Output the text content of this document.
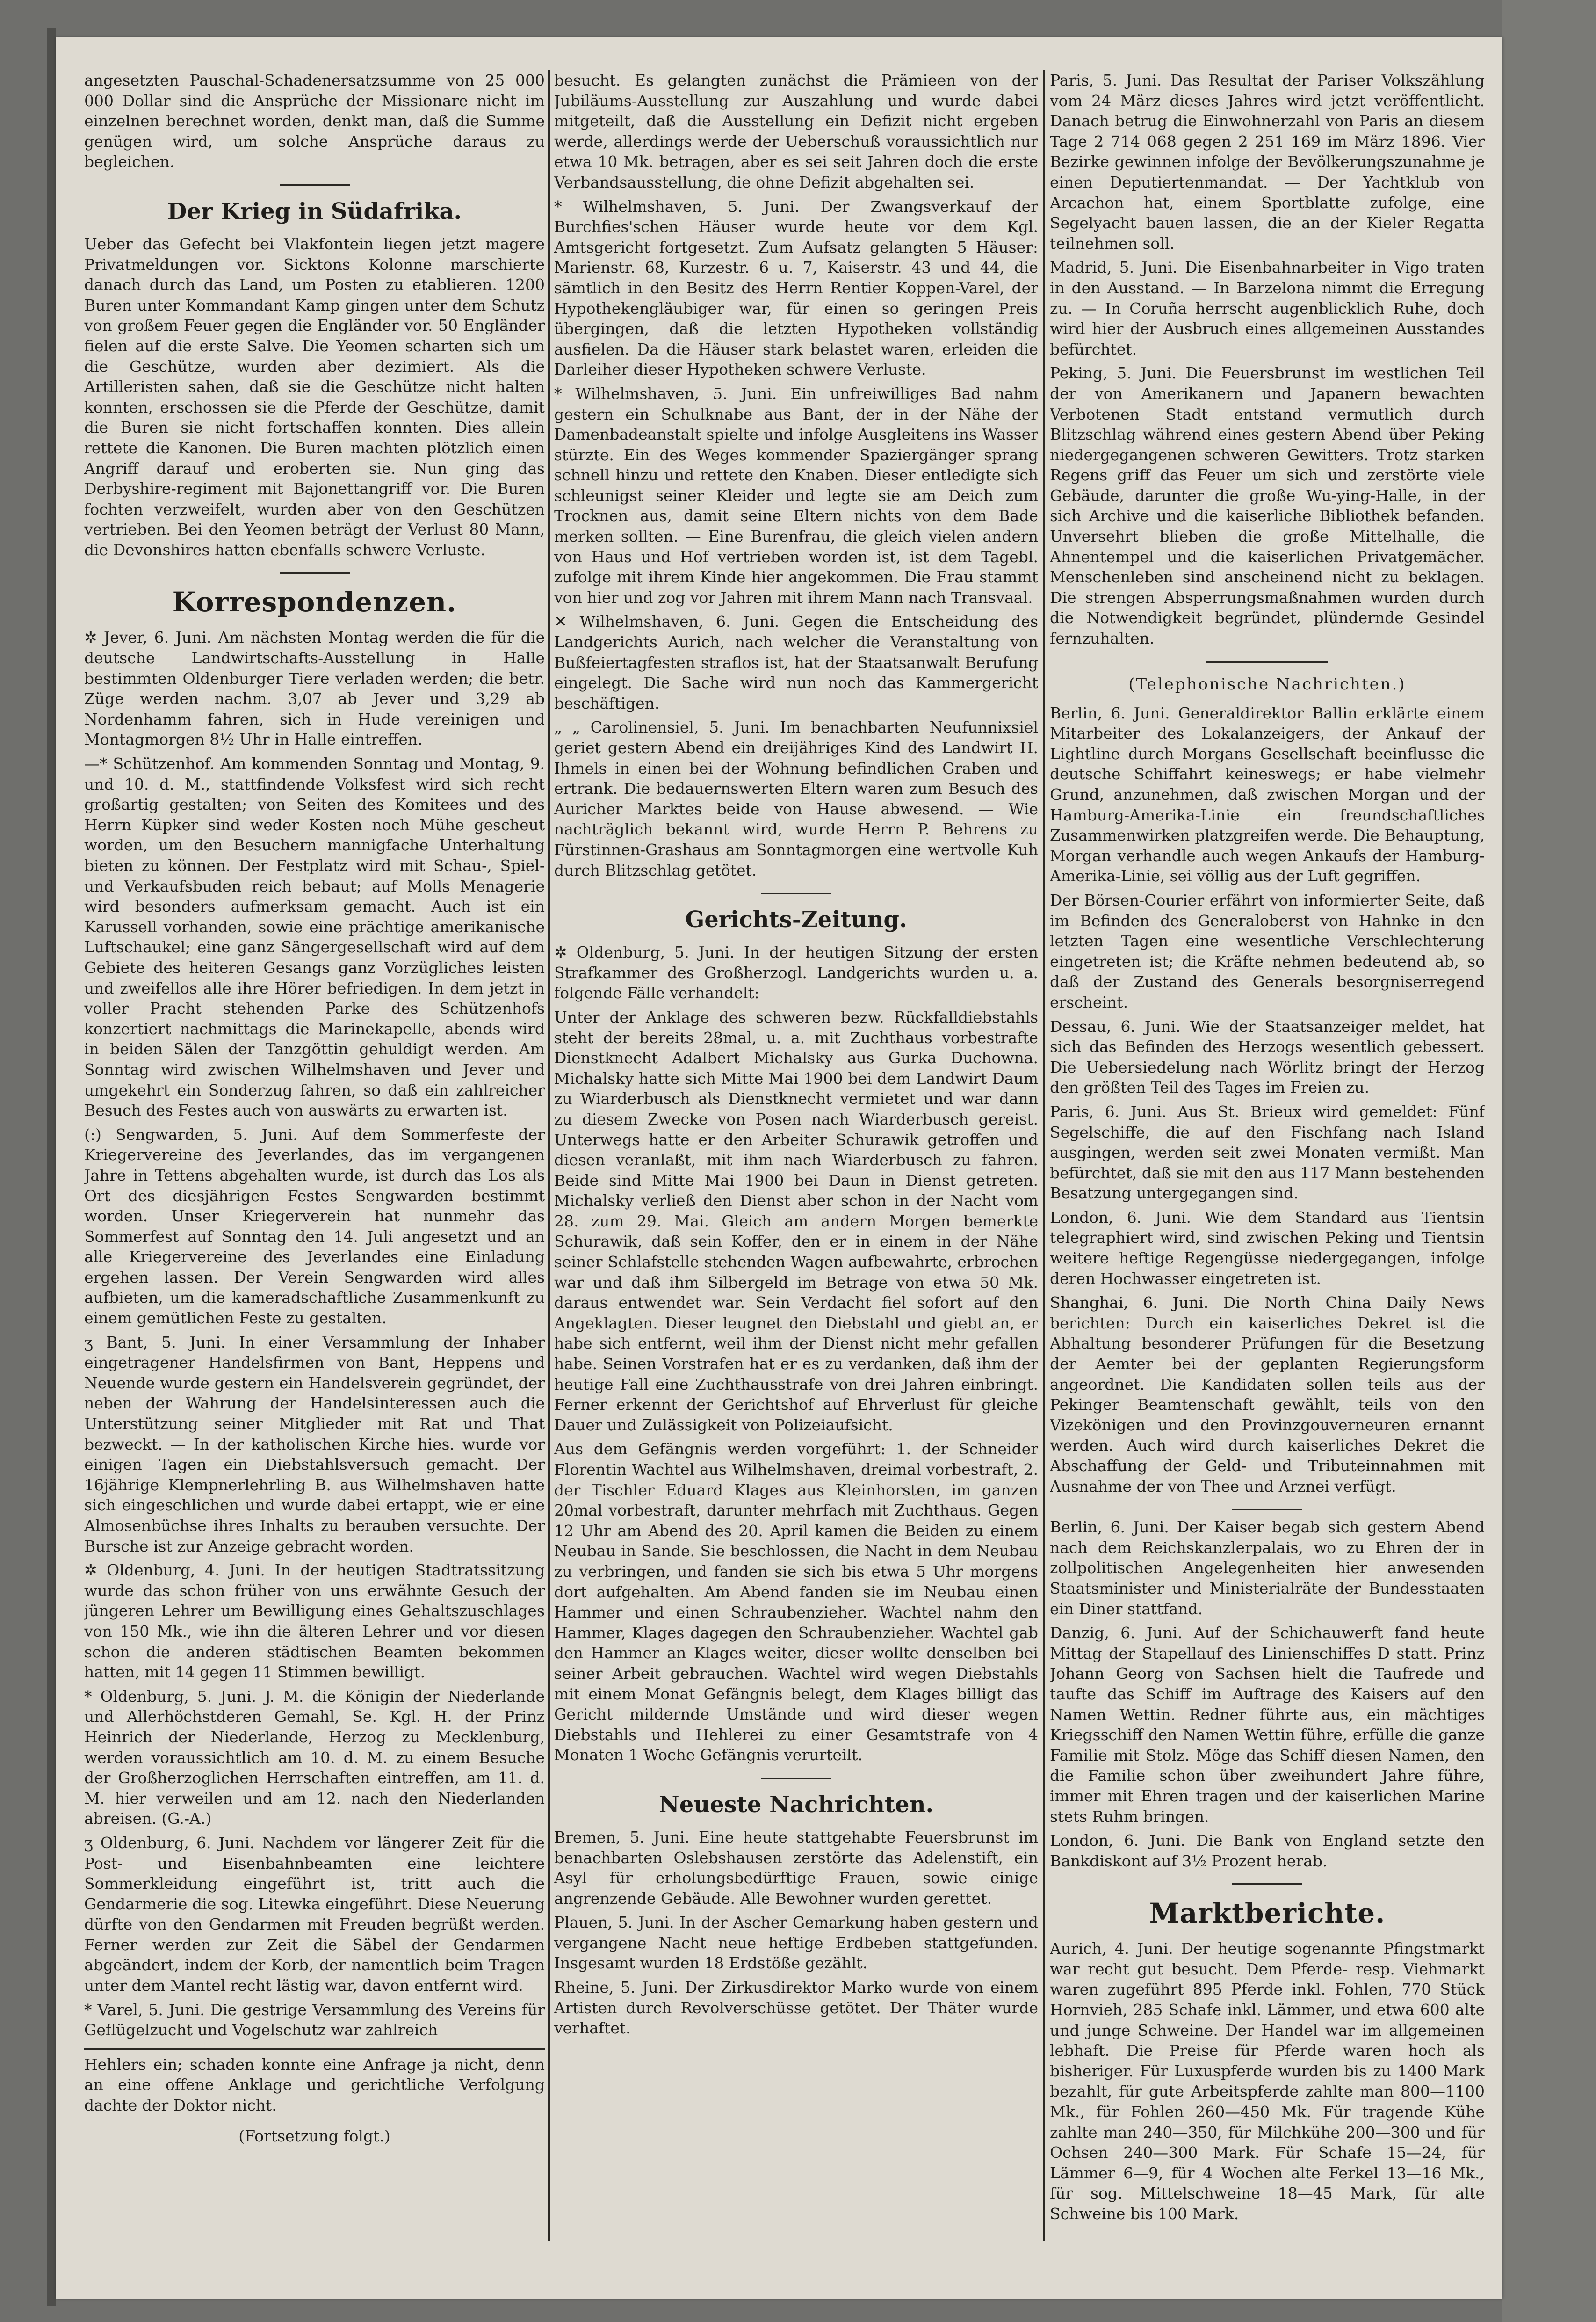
angesetzten Pauschal-Schadenersatzsumme von 25 000 000 Dollar sind die Ansprüche der Missionare nicht im einzelnen berechnet worden, denkt man, daß die Summe genügen wird, um solche Ansprüche daraus zu begleichen.

Der Krieg in Südafrika.

Ueber das Gefecht bei Vlakfontein liegen jetzt magere Privatmeldungen vor. Sicktons Kolonne marschierte danach durch das Land, um Posten zu etablieren. 1200 Buren unter Kommandant Kamp gingen unter dem Schutz von großem Feuer gegen die Engländer vor. 50 Engländer fielen auf die erste Salve. Die Yeomen scharten sich um die Geschütze, wurden aber dezimiert. Als die Artilleristen sahen, daß sie die Geschütze nicht halten konnten, erschossen sie die Pferde der Geschütze, damit die Buren sie nicht fortschaffen konnten. Dies allein rettete die Kanonen. Die Buren machten plötzlich einen Angriff darauf und eroberten sie. Nun ging das Derbyshire-regiment mit Bajonettangriff vor. Die Buren fochten verzweifelt, wurden aber von den Geschützen vertrieben. Bei den Yeomen beträgt der Verlust 80 Mann, die Devonshires hatten ebenfalls schwere Verluste.

Korrespondenzen.

✲ Jever, 6. Juni. Am nächsten Montag werden die für die deutsche Landwirtschafts-Ausstellung in Halle bestimmten Oldenburger Tiere verladen werden; die betr. Züge werden nachm. 3,07 ab Jever und 3,29 ab Nordenhamm fahren, sich in Hude vereinigen und Montagmorgen 8½ Uhr in Halle eintreffen.

—* Schützenhof. Am kommenden Sonntag und Montag, 9. und 10. d. M., stattfindende Volksfest wird sich recht großartig gestalten; von Seiten des Komitees und des Herrn Küpker sind weder Kosten noch Mühe gescheut worden, um den Besuchern mannigfache Unterhaltung bieten zu können. Der Festplatz wird mit Schau-, Spiel- und Verkaufsbuden reich bebaut; auf Molls Menagerie wird besonders aufmerksam gemacht. Auch ist ein Karussell vorhanden, sowie eine prächtige amerikanische Luftschaukel; eine ganz Sängergesellschaft wird auf dem Gebiete des heiteren Gesangs ganz Vorzügliches leisten und zweifellos alle ihre Hörer befriedigen. In dem jetzt in voller Pracht stehenden Parke des Schützenhofs konzertiert nachmittags die Marinekapelle, abends wird in beiden Sälen der Tanzgöttin gehuldigt werden. Am Sonntag wird zwischen Wilhelmshaven und Jever und umgekehrt ein Sonderzug fahren, so daß ein zahlreicher Besuch des Festes auch von auswärts zu erwarten ist.

(:) Sengwarden, 5. Juni. Auf dem Sommerfeste der Kriegervereine des Jeverlandes, das im vergangenen Jahre in Tettens abgehalten wurde, ist durch das Los als Ort des diesjährigen Festes Sengwarden bestimmt worden. Unser Kriegerverein hat nunmehr das Sommerfest auf Sonntag den 14. Juli angesetzt und an alle Kriegervereine des Jeverlandes eine Einladung ergehen lassen. Der Verein Sengwarden wird alles aufbieten, um die kameradschaftliche Zusammenkunft zu einem gemütlichen Feste zu gestalten.

ʒ Bant, 5. Juni. In einer Versammlung der Inhaber eingetragener Handelsfirmen von Bant, Heppens und Neuende wurde gestern ein Handelsverein gegründet, der neben der Wahrung der Handelsinteressen auch die Unterstützung seiner Mitglieder mit Rat und That bezweckt. — In der katholischen Kirche hies. wurde vor einigen Tagen ein Diebstahlsversuch gemacht. Der 16jährige Klempnerlehrling B. aus Wilhelmshaven hatte sich eingeschlichen und wurde dabei ertappt, wie er eine Almosenbüchse ihres Inhalts zu berauben versuchte. Der Bursche ist zur Anzeige gebracht worden.

✲ Oldenburg, 4. Juni. In der heutigen Stadtratssitzung wurde das schon früher von uns erwähnte Gesuch der jüngeren Lehrer um Bewilligung eines Gehaltszuschlages von 150 Mk., wie ihn die älteren Lehrer und vor diesen schon die anderen städtischen Beamten bekommen hatten, mit 14 gegen 11 Stimmen bewilligt.

* Oldenburg, 5. Juni. J. M. die Königin der Niederlande und Allerhöchstderen Gemahl, Se. Kgl. H. der Prinz Heinrich der Niederlande, Herzog zu Mecklenburg, werden voraussichtlich am 10. d. M. zu einem Besuche der Großherzoglichen Herrschaften eintreffen, am 11. d. M. hier verweilen und am 12. nach den Niederlanden abreisen. (G.-A.)

ʒ Oldenburg, 6. Juni. Nachdem vor längerer Zeit für die Post- und Eisenbahnbeamten eine leichtere Sommerkleidung eingeführt ist, tritt auch die Gendarmerie die sog. Litewka eingeführt. Diese Neuerung dürfte von den Gendarmen mit Freuden begrüßt werden. Ferner werden zur Zeit die Säbel der Gendarmen abgeändert, indem der Korb, der namentlich beim Tragen unter dem Mantel recht lästig war, davon entfernt wird.

* Varel, 5. Juni. Die gestrige Versammlung des Vereins für Geflügelzucht und Vogelschutz war zahlreich

Hehlers ein; schaden konnte eine Anfrage ja nicht, denn an eine offene Anklage und gerichtliche Verfolgung dachte der Doktor nicht.

(Fortsetzung folgt.)

besucht. Es gelangten zunächst die Prämieen von der Jubiläums-Ausstellung zur Auszahlung und wurde dabei mitgeteilt, daß die Ausstellung ein Defizit nicht ergeben werde, allerdings werde der Ueberschuß voraussichtlich nur etwa 10 Mk. betragen, aber es sei seit Jahren doch die erste Verbandsausstellung, die ohne Defizit abgehalten sei.

* Wilhelmshaven, 5. Juni. Der Zwangsverkauf der Burchfies'schen Häuser wurde heute vor dem Kgl. Amtsgericht fortgesetzt. Zum Aufsatz gelangten 5 Häuser: Marienstr. 68, Kurzestr. 6 u. 7, Kaiserstr. 43 und 44, die sämtlich in den Besitz des Herrn Rentier Koppen-Varel, der Hypothekengläubiger war, für einen so geringen Preis übergingen, daß die letzten Hypotheken vollständig ausfielen. Da die Häuser stark belastet waren, erleiden die Darleiher dieser Hypotheken schwere Verluste.

* Wilhelmshaven, 5. Juni. Ein unfreiwilliges Bad nahm gestern ein Schulknabe aus Bant, der in der Nähe der Damenbadeanstalt spielte und infolge Ausgleitens ins Wasser stürzte. Ein des Weges kommender Spaziergänger sprang schnell hinzu und rettete den Knaben. Dieser entledigte sich schleunigst seiner Kleider und legte sie am Deich zum Trocknen aus, damit seine Eltern nichts von dem Bade merken sollten. — Eine Burenfrau, die gleich vielen andern von Haus und Hof vertrieben worden ist, ist dem Tagebl. zufolge mit ihrem Kinde hier angekommen. Die Frau stammt von hier und zog vor Jahren mit ihrem Mann nach Transvaal.

✕ Wilhelmshaven, 6. Juni. Gegen die Entscheidung des Landgerichts Aurich, nach welcher die Veranstaltung von Bußfeiertagfesten straflos ist, hat der Staatsanwalt Berufung eingelegt. Die Sache wird nun noch das Kammergericht beschäftigen.

„ „ Carolinensiel, 5. Juni. Im benachbarten Neufunnixsiel geriet gestern Abend ein dreijähriges Kind des Landwirt H. Ihmels in einen bei der Wohnung befindlichen Graben und ertrank. Die bedauernswerten Eltern waren zum Besuch des Auricher Marktes beide von Hause abwesend. — Wie nachträglich bekannt wird, wurde Herrn P. Behrens zu Fürstinnen-Grashaus am Sonntagmorgen eine wertvolle Kuh durch Blitzschlag getötet.

Gerichts-Zeitung.

✲ Oldenburg, 5. Juni. In der heutigen Sitzung der ersten Strafkammer des Großherzogl. Landgerichts wurden u. a. folgende Fälle verhandelt:

Unter der Anklage des schweren bezw. Rückfalldiebstahls steht der bereits 28mal, u. a. mit Zuchthaus vorbestrafte Dienstknecht Adalbert Michalsky aus Gurka Duchowna. Michalsky hatte sich Mitte Mai 1900 bei dem Landwirt Daum zu Wiarderbusch als Dienstknecht vermietet und war dann zu diesem Zwecke von Posen nach Wiarderbusch gereist. Unterwegs hatte er den Arbeiter Schurawik getroffen und diesen veranlaßt, mit ihm nach Wiarderbusch zu fahren. Beide sind Mitte Mai 1900 bei Daun in Dienst getreten. Michalsky verließ den Dienst aber schon in der Nacht vom 28. zum 29. Mai. Gleich am andern Morgen bemerkte Schurawik, daß sein Koffer, den er in einem in der Nähe seiner Schlafstelle stehenden Wagen aufbewahrte, erbrochen war und daß ihm Silbergeld im Betrage von etwa 50 Mk. daraus entwendet war. Sein Verdacht fiel sofort auf den Angeklagten. Dieser leugnet den Diebstahl und giebt an, er habe sich entfernt, weil ihm der Dienst nicht mehr gefallen habe. Seinen Vorstrafen hat er es zu verdanken, daß ihm der heutige Fall eine Zuchthausstrafe von drei Jahren einbringt. Ferner erkennt der Gerichtshof auf Ehrverlust für gleiche Dauer und Zulässigkeit von Polizeiaufsicht.

Aus dem Gefängnis werden vorgeführt: 1. der Schneider Florentin Wachtel aus Wilhelmshaven, dreimal vorbestraft, 2. der Tischler Eduard Klages aus Kleinhorsten, im ganzen 20mal vorbestraft, darunter mehrfach mit Zuchthaus. Gegen 12 Uhr am Abend des 20. April kamen die Beiden zu einem Neubau in Sande. Sie beschlossen, die Nacht in dem Neubau zu verbringen, und fanden sie sich bis etwa 5 Uhr morgens dort aufgehalten. Am Abend fanden sie im Neubau einen Hammer und einen Schraubenzieher. Wachtel nahm den Hammer, Klages dagegen den Schraubenzieher. Wachtel gab den Hammer an Klages weiter, dieser wollte denselben bei seiner Arbeit gebrauchen. Wachtel wird wegen Diebstahls mit einem Monat Gefängnis belegt, dem Klages billigt das Gericht mildernde Umstände und wird dieser wegen Diebstahls und Hehlerei zu einer Gesamtstrafe von 4 Monaten 1 Woche Gefängnis verurteilt.

Neueste Nachrichten.

Bremen, 5. Juni. Eine heute stattgehabte Feuersbrunst im benachbarten Oslebshausen zerstörte das Adelenstift, ein Asyl für erholungsbedürftige Frauen, sowie einige angrenzende Gebäude. Alle Bewohner wurden gerettet.

Plauen, 5. Juni. In der Ascher Gemarkung haben gestern und vergangene Nacht neue heftige Erdbeben stattgefunden. Insgesamt wurden 18 Erdstöße gezählt.

Rheine, 5. Juni. Der Zirkusdirektor Marko wurde von einem Artisten durch Revolverschüsse getötet. Der Thäter wurde verhaftet.

Paris, 5. Juni. Das Resultat der Pariser Volkszählung vom 24 März dieses Jahres wird jetzt veröffentlicht. Danach betrug die Einwohnerzahl von Paris an diesem Tage 2 714 068 gegen 2 251 169 im März 1896. Vier Bezirke gewinnen infolge der Bevölkerungszunahme je einen Deputiertenmandat. — Der Yachtklub von Arcachon hat, einem Sportblatte zufolge, eine Segelyacht bauen lassen, die an der Kieler Regatta teilnehmen soll.

Madrid, 5. Juni. Die Eisenbahnarbeiter in Vigo traten in den Ausstand. — In Barzelona nimmt die Erregung zu. — In Coruña herrscht augenblicklich Ruhe, doch wird hier der Ausbruch eines allgemeinen Ausstandes befürchtet.

Peking, 5. Juni. Die Feuersbrunst im westlichen Teil der von Amerikanern und Japanern bewachten Verbotenen Stadt entstand vermutlich durch Blitzschlag während eines gestern Abend über Peking niedergegangenen schweren Gewitters. Trotz starken Regens griff das Feuer um sich und zerstörte viele Gebäude, darunter die große Wu-ying-Halle, in der sich Archive und die kaiserliche Bibliothek befanden. Unversehrt blieben die große Mittelhalle, die Ahnentempel und die kaiserlichen Privatgemächer. Menschenleben sind anscheinend nicht zu beklagen. Die strengen Absperrungsmaßnahmen wurden durch die Notwendigkeit begründet, plündernde Gesindel fernzuhalten.

(Telephonische Nachrichten.)

Berlin, 6. Juni. Generaldirektor Ballin erklärte einem Mitarbeiter des Lokalanzeigers, der Ankauf der Lightline durch Morgans Gesellschaft beeinflusse die deutsche Schiffahrt keineswegs; er habe vielmehr Grund, anzunehmen, daß zwischen Morgan und der Hamburg-Amerika-Linie ein freundschaftliches Zusammenwirken platzgreifen werde. Die Behauptung, Morgan verhandle auch wegen Ankaufs der Hamburg-Amerika-Linie, sei völlig aus der Luft gegriffen.

Der Börsen-Courier erfährt von informierter Seite, daß im Befinden des Generaloberst von Hahnke in den letzten Tagen eine wesentliche Verschlechterung eingetreten ist; die Kräfte nehmen bedeutend ab, so daß der Zustand des Generals besorgniserregend erscheint.

Dessau, 6. Juni. Wie der Staatsanzeiger meldet, hat sich das Befinden des Herzogs wesentlich gebessert. Die Uebersiedelung nach Wörlitz bringt der Herzog den größten Teil des Tages im Freien zu.

Paris, 6. Juni. Aus St. Brieux wird gemeldet: Fünf Segelschiffe, die auf den Fischfang nach Island ausgingen, werden seit zwei Monaten vermißt. Man befürchtet, daß sie mit den aus 117 Mann bestehenden Besatzung untergegangen sind.

London, 6. Juni. Wie dem Standard aus Tientsin telegraphiert wird, sind zwischen Peking und Tientsin weitere heftige Regengüsse niedergegangen, infolge deren Hochwasser eingetreten ist.

Shanghai, 6. Juni. Die North China Daily News berichten: Durch ein kaiserliches Dekret ist die Abhaltung besonderer Prüfungen für die Besetzung der Aemter bei der geplanten Regierungsform angeordnet. Die Kandidaten sollen teils aus der Pekinger Beamtenschaft gewählt, teils von den Vizekönigen und den Provinzgouverneuren ernannt werden. Auch wird durch kaiserliches Dekret die Abschaffung der Geld- und Tributeinnahmen mit Ausnahme der von Thee und Arznei verfügt.

Berlin, 6. Juni. Der Kaiser begab sich gestern Abend nach dem Reichskanzlerpalais, wo zu Ehren der in zollpolitischen Angelegenheiten hier anwesenden Staatsminister und Ministerialräte der Bundesstaaten ein Diner stattfand.

Danzig, 6. Juni. Auf der Schichauwerft fand heute Mittag der Stapellauf des Linienschiffes D statt. Prinz Johann Georg von Sachsen hielt die Taufrede und taufte das Schiff im Auftrage des Kaisers auf den Namen Wettin. Redner führte aus, ein mächtiges Kriegsschiff den Namen Wettin führe, erfülle die ganze Familie mit Stolz. Möge das Schiff diesen Namen, den die Familie schon über zweihundert Jahre führe, immer mit Ehren tragen und der kaiserlichen Marine stets Ruhm bringen.

London, 6. Juni. Die Bank von England setzte den Bankdiskont auf 3½ Prozent herab.

Marktberichte.

Aurich, 4. Juni. Der heutige sogenannte Pfingstmarkt war recht gut besucht. Dem Pferde- resp. Viehmarkt waren zugeführt 895 Pferde inkl. Fohlen, 770 Stück Hornvieh, 285 Schafe inkl. Lämmer, und etwa 600 alte und junge Schweine. Der Handel war im allgemeinen lebhaft. Die Preise für Pferde waren hoch als bisheriger. Für Luxuspferde wurden bis zu 1400 Mark bezahlt, für gute Arbeitspferde zahlte man 800—1100 Mk., für Fohlen 260—450 Mk. Für tragende Kühe zahlte man 240—350, für Milchkühe 200—300 und für Ochsen 240—300 Mark. Für Schafe 15—24, für Lämmer 6—9, für 4 Wochen alte Ferkel 13—16 Mk., für sog. Mittelschweine 18—45 Mark, für alte Schweine bis 100 Mark.
